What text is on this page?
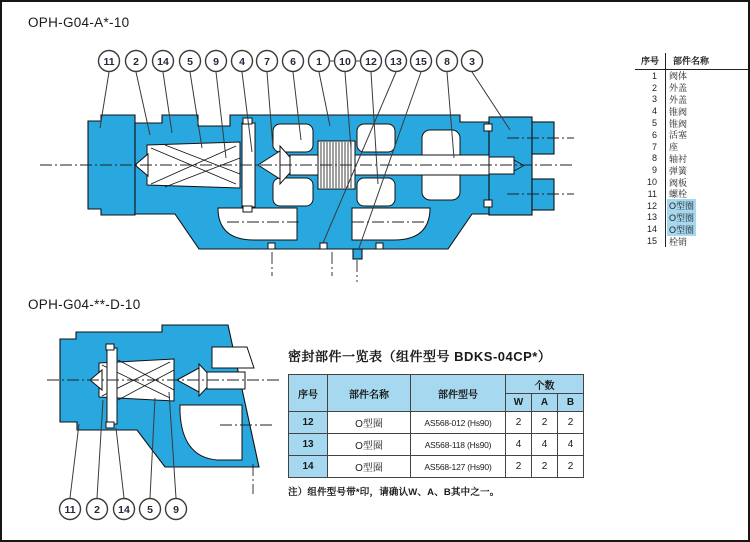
11 2 14 5 9 4 7 6 1 10 12 13 15 8 3
11 2 14 5 9
OPH-G04-A*-10
OPH-G04-**-D-10
序号	部件名称
1	阀体
2	外盖
3	外盖
4	锥阀
5	锥阀
6	活塞
7	座
8	轴衬
9	弹簧
10	阀板
11	螺栓
12 O型圈
13 O型圈
14 O型圈
15	栓销
密封部件一览表（组件型号 BDKS-04CP*）
序号	部件名称	部件型号	个数		
			W	A	B
12	O型圈	AS568-012 (Hs90)	2	2	2
13	O型圈	AS568-118 (Hs90)	4	4	4
14	O型圈	AS568-127 (Hs90)	2	2	2
注）组件型号带*印，请确认W、A、B其中之一。
